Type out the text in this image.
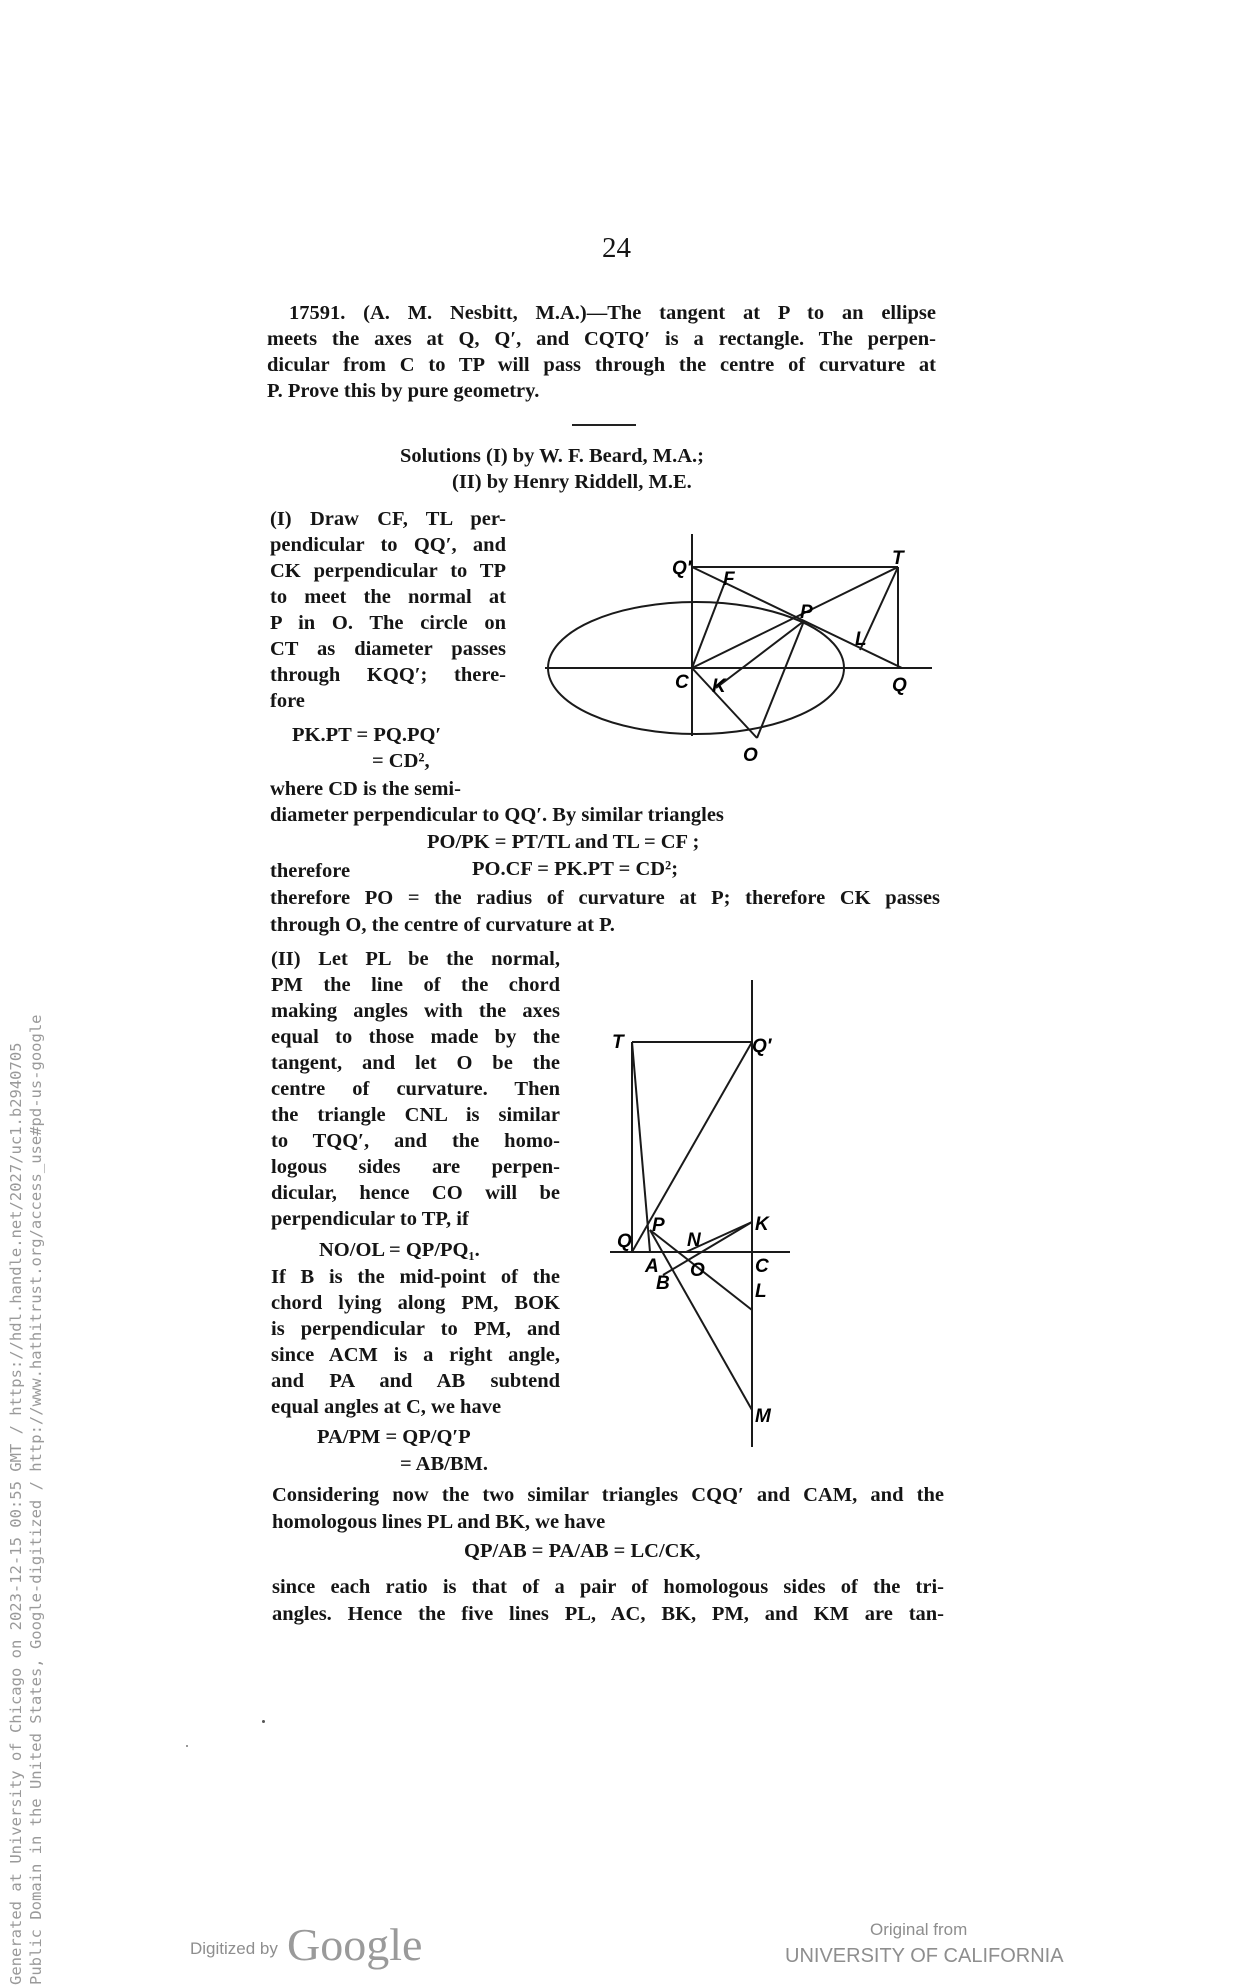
Generated at University of Chicago on 2023-12-15 00:55 GMT / https://hdl.handle.net/2027/uc1.b2940705 Public Domain in the United States, Google-digitized / http://www.hathitrust.org/access_use#pd-us-google
24
17591. (A. M. Nesbitt, M.A.)—The tangent at P to an ellipse
meets the axes at Q, Q′, and CQTQ′ is a rectangle. The perpen-
dicular from C to TP will pass through the centre of curvature at
P. Prove this by pure geometry.
Solutions (I) by W. F. Beard, M.A.;
(II) by Henry Riddell, M.E.
(I) Draw CF, TL per-
pendicular to QQ′, and
CK perpendicular to TP
to meet the normal at
P in O. The circle on
CT as diameter passes
through KQQ′; there-
fore
PK.PT = PQ.PQ′
= CD²,
where CD is the semi-
diameter perpendicular to QQ′. By similar triangles
PO/PK = PT/TL and TL = CF ;
therefore	PO.CF = PK.PT = CD²;
therefore PO = the radius of curvature at P; therefore CK passes
through O, the centre of curvature at P.
Q′	T
F
P
L
C K	Q
O
(II) Let PL be the normal,
PM the line of the chord
making angles with the axes
equal to those made by the
tangent, and let O be the
centre of curvature. Then
the triangle CNL is similar
to TQQ′, and the homo-
logous sides are perpen-
dicular, hence CO will be
perpendicular to TP, if
NO/OL = QP/PQ₁.
If B is the mid-point of the
chord lying along PM, BOK
is perpendicular to PM, and
since ACM is a right angle,
and PA and AB subtend
equal angles at C, we have
PA/PM = QP/Q′P
= AB/BM.
Considering now the two similar triangles CQQ′ and CAM, and the
homologous lines PL and BK, we have
QP/AB = PA/AB = LC/CK,
since each ratio is that of a pair of homologous sides of the tri-
angles. Hence the five lines PL, AC, BK, PM, and KM are tan-
T	Q′
Q
P
N
K
A
B
O	C
L
M
Digitized by Google	Original from
UNIVERSITY OF CALIFORNIA
